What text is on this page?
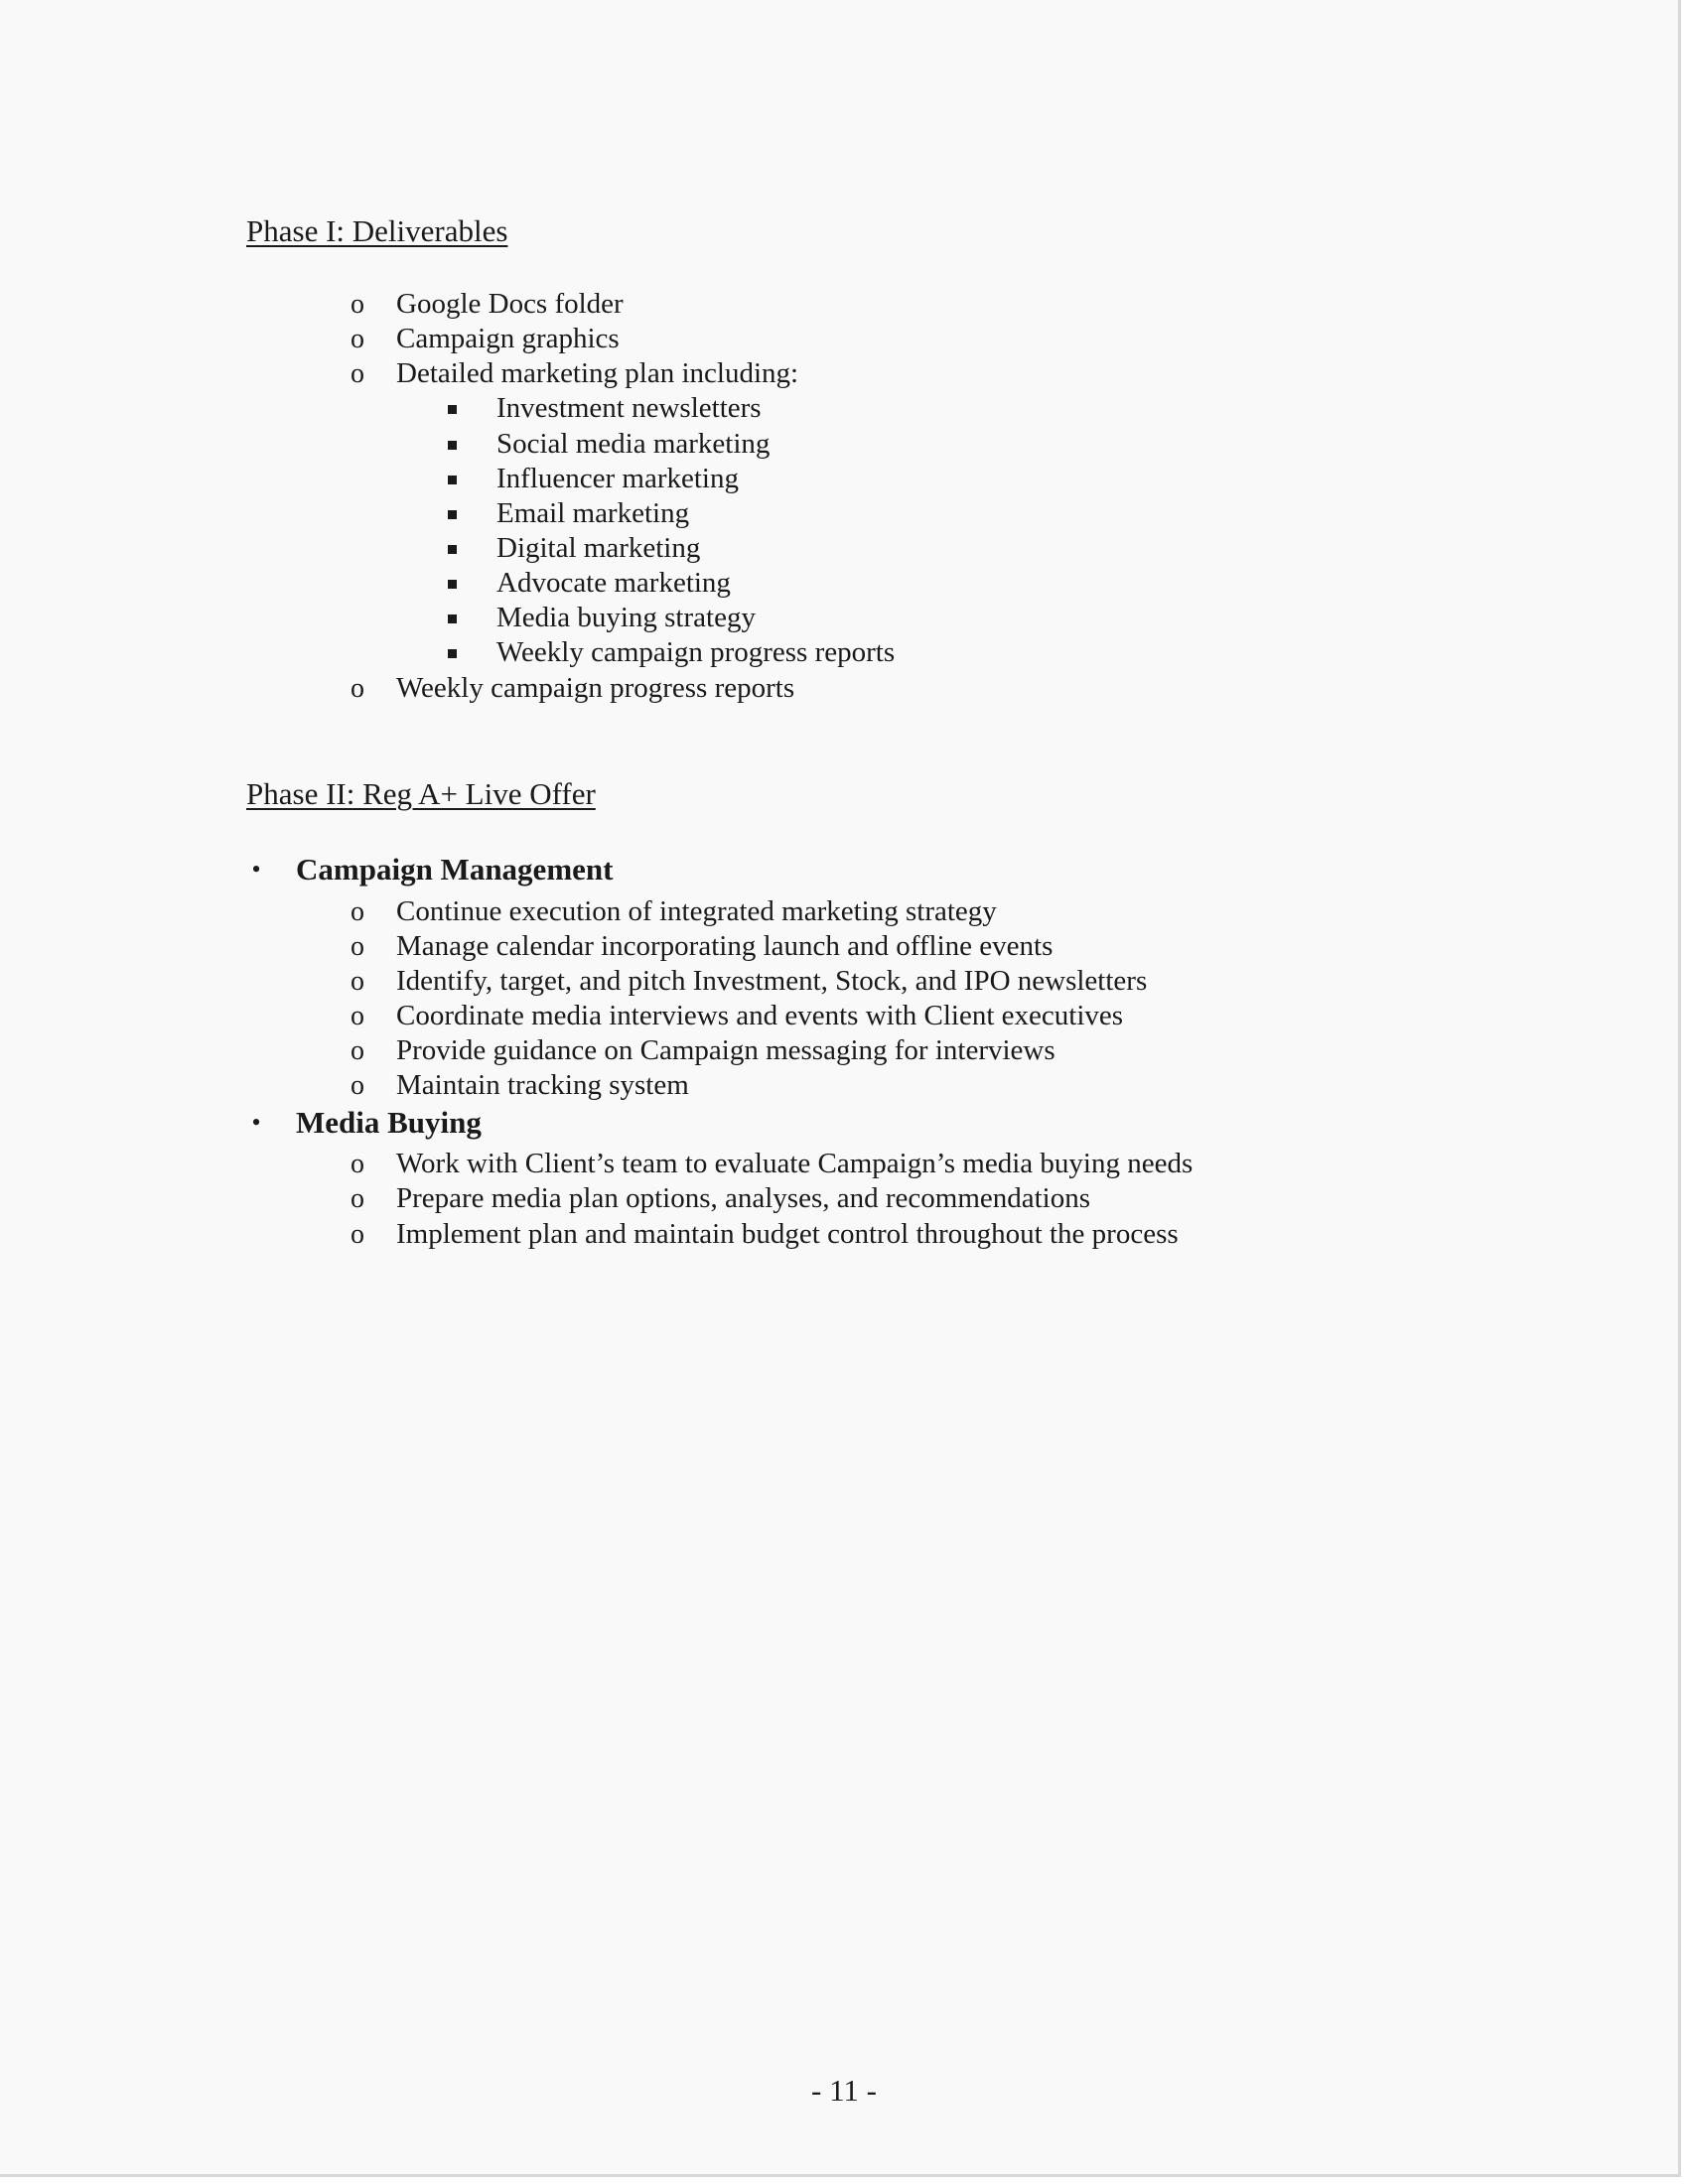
Phase I: Deliverables
o Google Docs folder
o Campaign graphics
o Detailed marketing plan including:
Investment newsletters
Social media marketing
Influencer marketing
Email marketing
Digital marketing
Advocate marketing
Media buying strategy
Weekly campaign progress reports
o Weekly campaign progress reports
Phase II: Reg A+ Live Offer
• Campaign Management
o Continue execution of integrated marketing strategy
o Manage calendar incorporating launch and offline events
o Identify, target, and pitch Investment, Stock, and IPO newsletters
o Coordinate media interviews and events with Client executives
o Provide guidance on Campaign messaging for interviews
o Maintain tracking system
• Media Buying
o Work with Client’s team to evaluate Campaign’s media buying needs
o Prepare media plan options, analyses, and recommendations
o Implement plan and maintain budget control throughout the process
- 11 -
